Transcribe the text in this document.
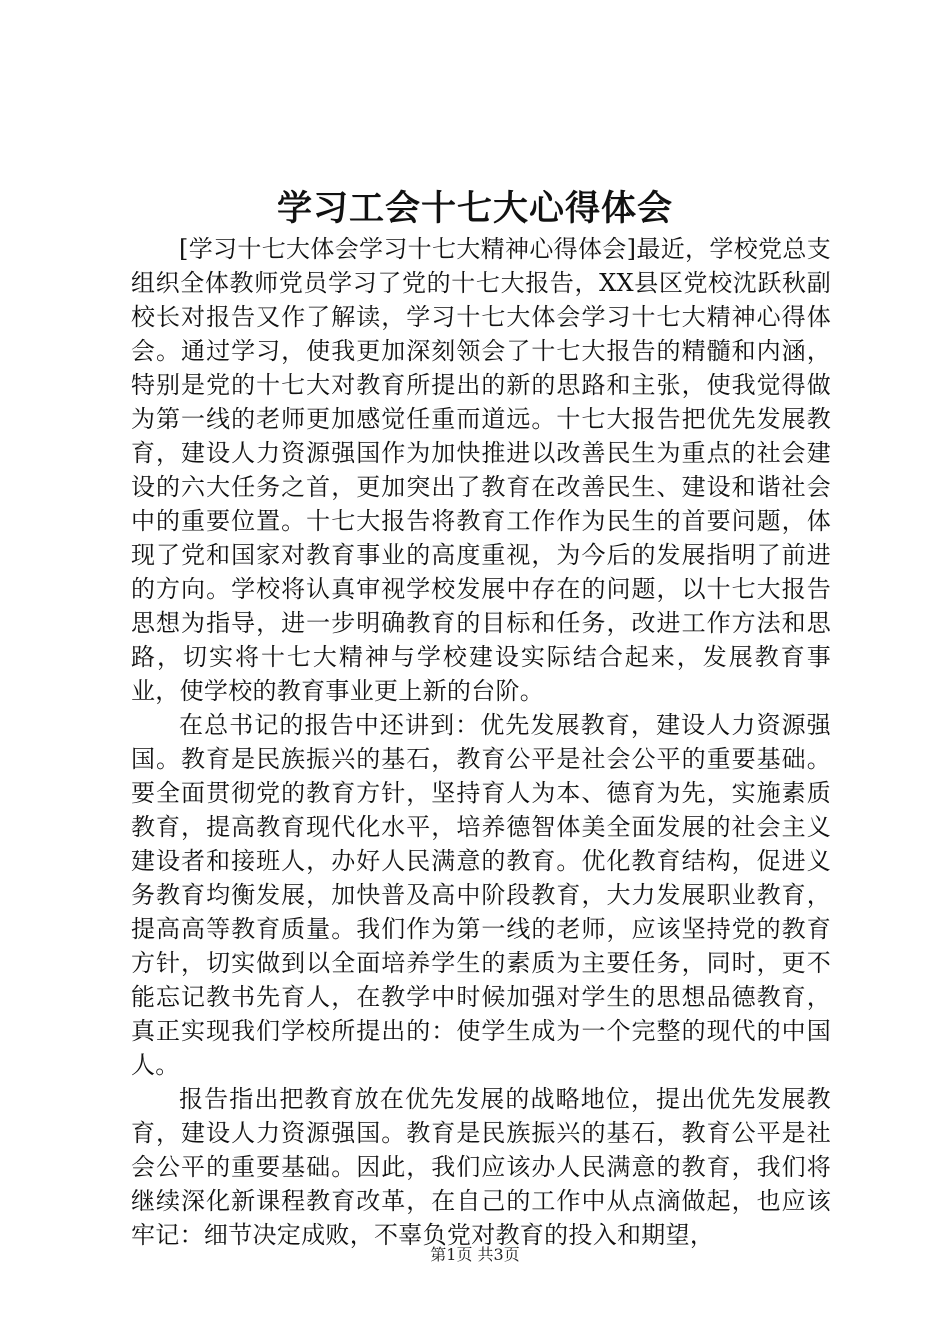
学习工会十七大心得体会

[学习十七大体会学习十七大精神心得体会]最近，学校党总支组织全体教师党员学习了党的十七大报告，XX县区党校沈跃秋副校长对报告又作了解读，学习十七大体会学习十七大精神心得体会。通过学习，使我更加深刻领会了十七大报告的精髓和内涵，特别是党的十七大对教育所提出的新的思路和主张，使我觉得做为第一线的老师更加感觉任重而道远。十七大报告把优先发展教育，建设人力资源强国作为加快推进以改善民生为重点的社会建设的六大任务之首，更加突出了教育在改善民生、建设和谐社会中的重要位置。十七大报告将教育工作作为民生的首要问题，体现了党和国家对教育事业的高度重视，为今后的发展指明了前进的方向。学校将认真审视学校发展中存在的问题，以十七大报告思想为指导，进一步明确教育的目标和任务，改进工作方法和思路，切实将十七大精神与学校建设实际结合起来，发展教育事业，使学校的教育事业更上新的台阶。

在总书记的报告中还讲到：优先发展教育，建设人力资源强国。教育是民族振兴的基石，教育公平是社会公平的重要基础。要全面贯彻党的教育方针，坚持育人为本、德育为先，实施素质教育，提高教育现代化水平，培养德智体美全面发展的社会主义建设者和接班人，办好人民满意的教育。优化教育结构，促进义务教育均衡发展，加快普及高中阶段教育，大力发展职业教育，提高高等教育质量。我们作为第一线的老师，应该坚持党的教育方针，切实做到以全面培养学生的素质为主要任务，同时，更不能忘记教书先育人，在教学中时候加强对学生的思想品德教育，真正实现我们学校所提出的：使学生成为一个完整的现代的中国人。

报告指出把教育放在优先发展的战略地位，提出优先发展教育，建设人力资源强国。教育是民族振兴的基石，教育公平是社会公平的重要基础。因此，我们应该办人民满意的教育，我们将继续深化新课程教育改革，在自己的工作中从点滴做起，也应该牢记：细节决定成败，不辜负党对教育的投入和期望，

第1页 共3页
